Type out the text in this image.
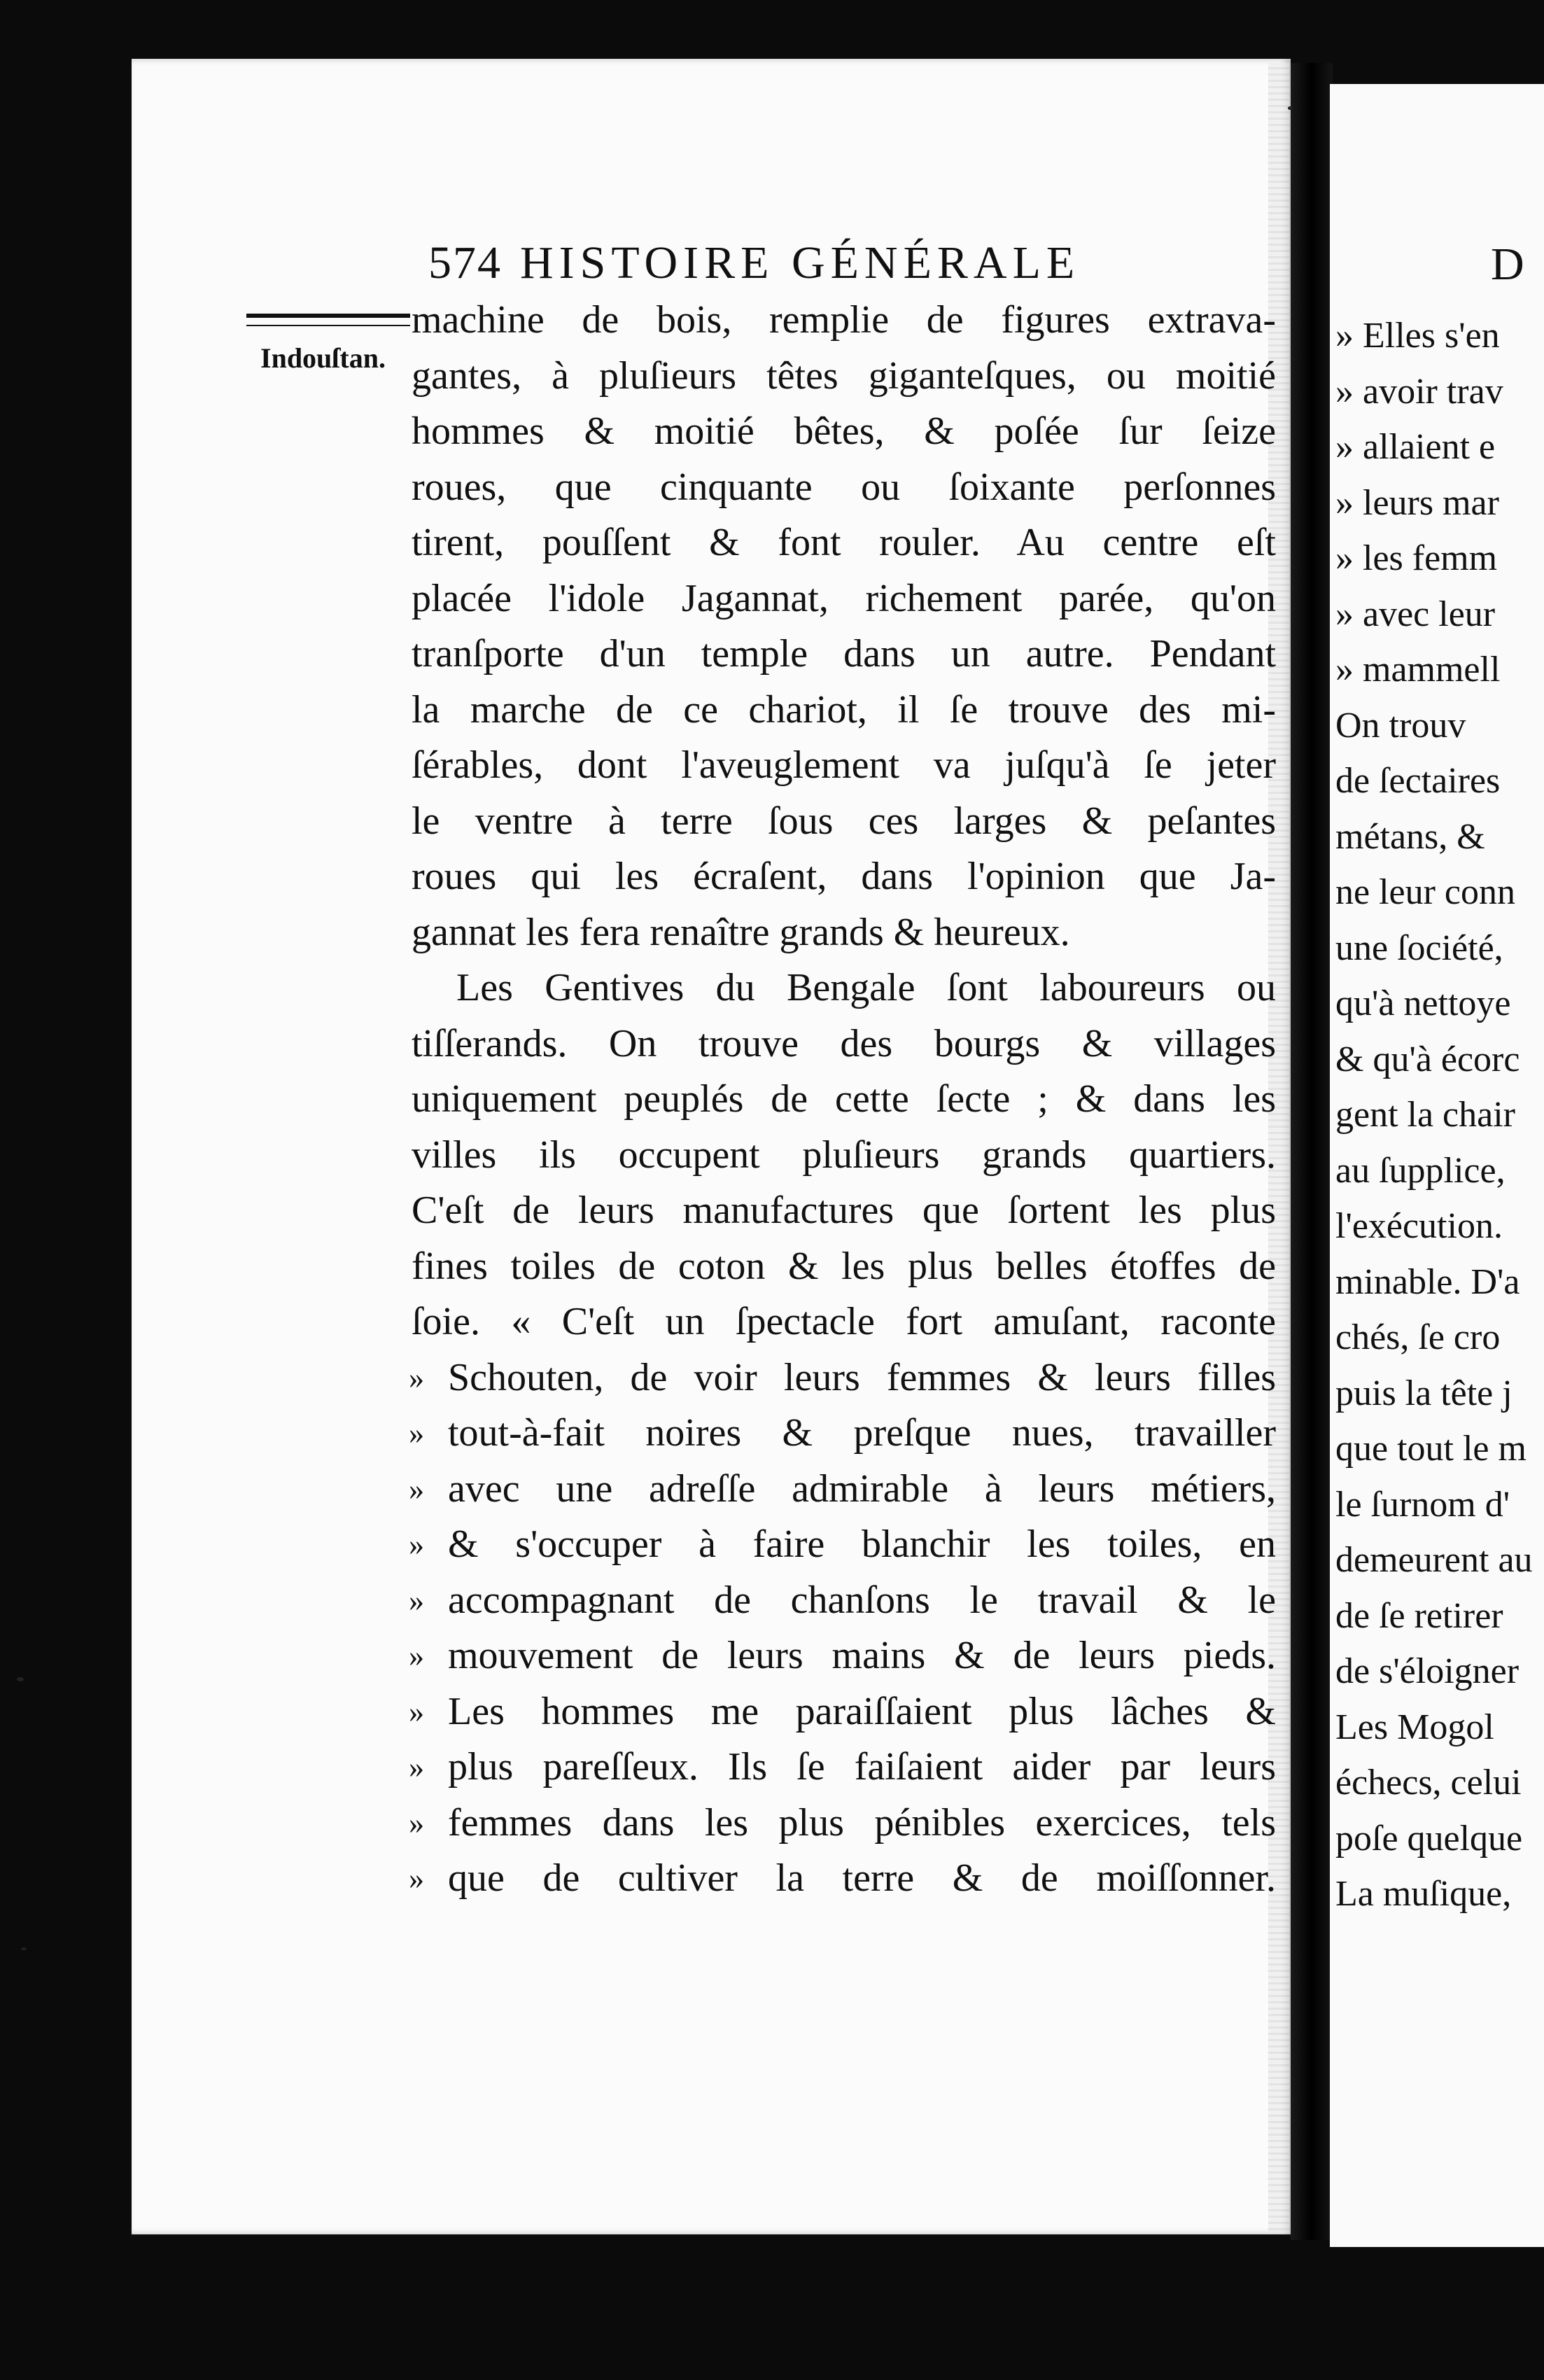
574 HISTOIRE GÉNÉRALE
Indouſtan.
machine de bois, remplie de figures extrava-
gantes, à pluſieurs têtes giganteſques, ou moitié
hommes & moitié bêtes, & poſée ſur ſeize
roues, que cinquante ou ſoixante perſonnes
tirent, pouſſent & font rouler. Au centre eſt
placée l'idole Jagannat, richement parée, qu'on
tranſporte d'un temple dans un autre. Pendant
la marche de ce chariot, il ſe trouve des mi-
ſérables, dont l'aveuglement va juſqu'à ſe jeter
le ventre à terre ſous ces larges & peſantes
roues qui les écraſent, dans l'opinion que Ja-
gannat les fera renaître grands & heureux.
Les Gentives du Bengale ſont laboureurs ou
tiſſerands. On trouve des bourgs & villages
uniquement peuplés de cette ſecte ; & dans les
villes ils occupent pluſieurs grands quartiers.
C'eſt de leurs manufactures que ſortent les plus
fines toiles de coton & les plus belles étoffes de
ſoie. « C'eſt un ſpectacle fort amuſant, raconte
» Schouten, de voir leurs femmes & leurs filles
» tout-à-fait noires & preſque nues, travailler
» avec une adreſſe admirable à leurs métiers,
» & s'occuper à faire blanchir les toiles, en
» accompagnant de chanſons le travail & le
» mouvement de leurs mains & de leurs pieds.
» Les hommes me paraiſſaient plus lâches &
» plus pareſſeux. Ils ſe faiſaient aider par leurs
» femmes dans les plus pénibles exercices, tels
» que de cultiver la terre & de moiſſonner.
D
» Elles s'en
» avoir trav
» allaient e
» leurs mar
» les femm
» avec leur
» mammell
On trouv
de ſectaires
métans, &
ne leur conn
une ſociété,
qu'à nettoye
& qu'à écorc
gent la chair
au ſupplice,
l'exécution.
minable. D'a
chés, ſe cro
puis la tête j
que tout le m
le ſurnom d'
demeurent au
de ſe retirer
de s'éloigner
Les Mogol
échecs, celui
poſe quelque
La muſique,
